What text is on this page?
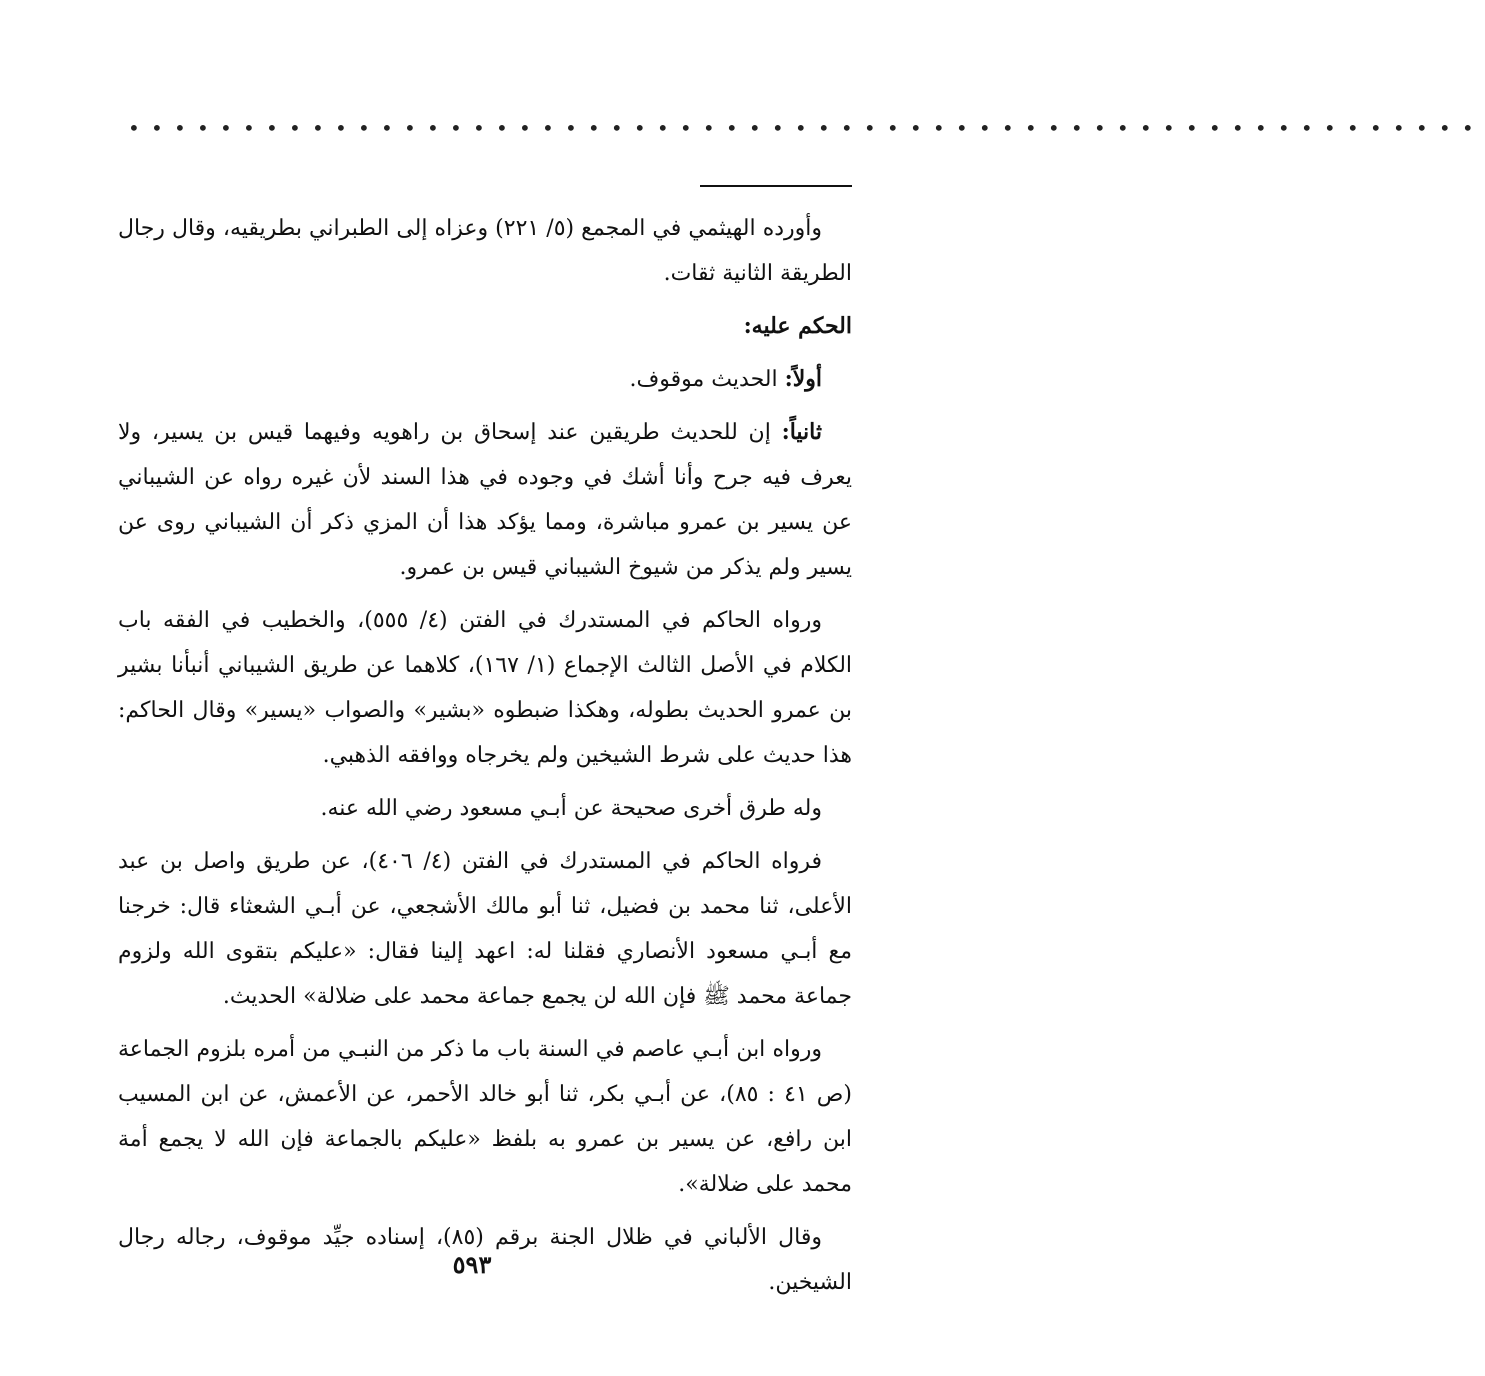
•••••••••••••••••••••••••••••••••••••••••••••••••••••••••••

وأورده الهيثمي في المجمع (٥/ ٢٢١) وعزاه إلى الطبراني بطريقيه، وقال رجال الطريقة الثانية ثقات.

الحكم عليه:

أولاً: الحديث موقوف.

ثانياً: إن للحديث طريقين عند إسحاق بن راهويه وفيهما قيس بن يسير، ولا يعرف فيه جرح وأنا أشك في وجوده في هذا السند لأن غيره رواه عن الشيباني عن يسير بن عمرو مباشرة، ومما يؤكد هذا أن المزي ذكر أن الشيباني روى عن يسير ولم يذكر من شيوخ الشيباني قيس بن عمرو.

ورواه الحاكم في المستدرك في الفتن (٤/ ٥٥٥)، والخطيب في الفقه باب الكلام في الأصل الثالث الإجماع (١/ ١٦٧)، كلاهما عن طريق الشيباني أنبأنا بشير بن عمرو الحديث بطوله، وهكذا ضبطوه «بشير» والصواب «يسير» وقال الحاكم: هذا حديث على شرط الشيخين ولم يخرجاه ووافقه الذهبي.

وله طرق أخرى صحيحة عن أبـي مسعود رضي الله عنه.

فرواه الحاكم في المستدرك في الفتن (٤/ ٤٠٦)، عن طريق واصل بن عبد الأعلى، ثنا محمد بن فضيل، ثنا أبو مالك الأشجعي، عن أبـي الشعثاء قال: خرجنا مع أبـي مسعود الأنصاري فقلنا له: اعهد إلينا فقال: «عليكم بتقوى الله ولزوم جماعة محمد ﷺ فإن الله لن يجمع جماعة محمد على ضلالة» الحديث.

ورواه ابن أبـي عاصم في السنة باب ما ذكر من النبـي من أمره بلزوم الجماعة (ص ٤١ : ٨٥)، عن أبـي بكر، ثنا أبو خالد الأحمر، عن الأعمش، عن ابن المسيب ابن رافع، عن يسير بن عمرو به بلفظ «عليكم بالجماعة فإن الله لا يجمع أمة محمد على ضلالة».

وقال الألباني في ظلال الجنة برقم (٨٥)، إسناده جيِّد موقوف، رجاله رجال الشيخين.

٥٩٣
